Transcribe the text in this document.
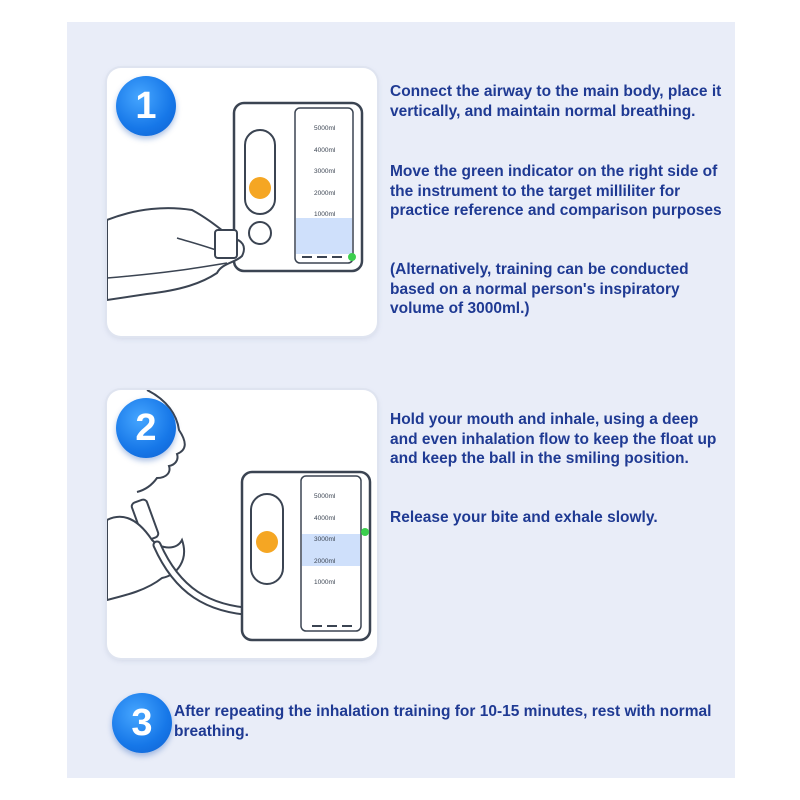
5000ml
4000ml
3000ml
2000ml
1000ml
1	Connect the airway to the main body, place it vertically, and maintain normal breathing.

Move the green indicator on the right side of the instrument to the target milliliter for practice reference and comparison purposes

(Alternatively, training can be conducted based on a normal person's inspiratory volume of 3000ml.)

5000ml
4000ml
3000ml
2000ml
1000ml
2	Hold your mouth and inhale, using a deep and even inhalation flow to keep the float up and keep the ball in the smiling position.

Release your bite and exhale slowly.

3	After repeating the inhalation training for 10-15 minutes, rest with normal breathing.
